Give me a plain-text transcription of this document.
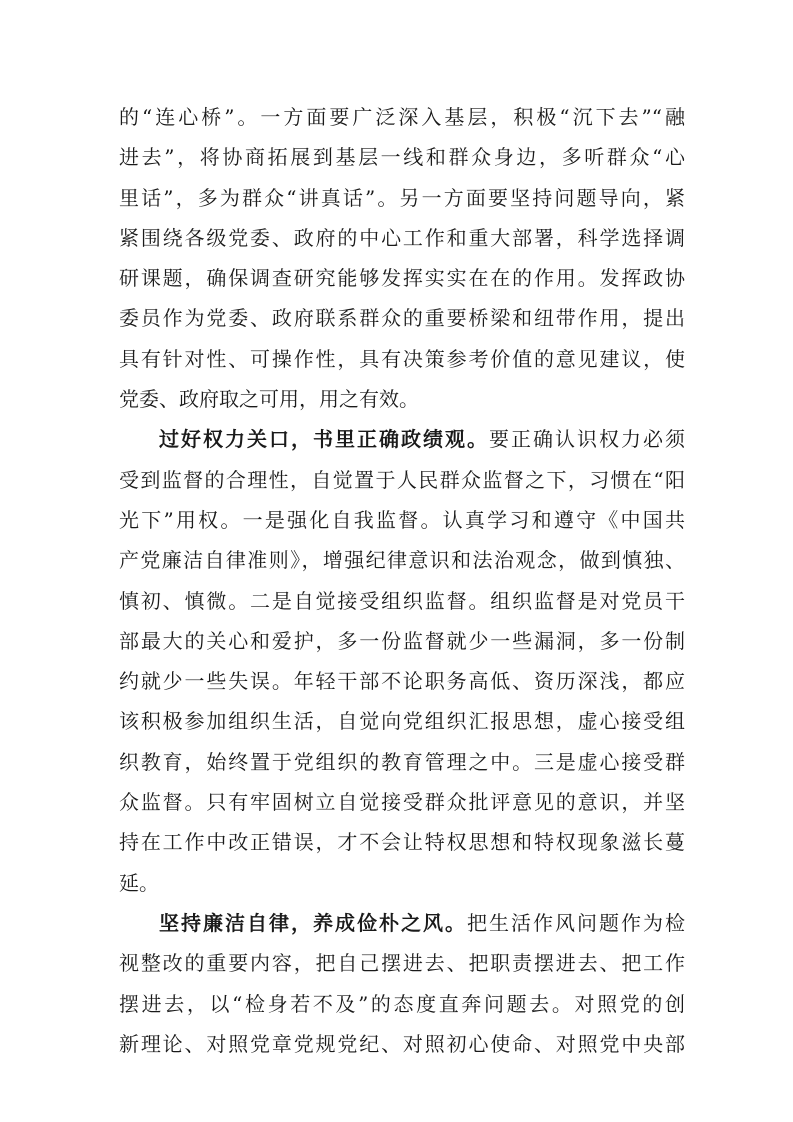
的“连心桥”。一方面要广泛深入基层，积极“沉下去”“融
进去”，将协商拓展到基层一线和群众身边，多听群众“心
里话”，多为群众“讲真话”。另一方面要坚持问题导向，紧
紧围绕各级党委、政府的中心工作和重大部署，科学选择调
研课题，确保调查研究能够发挥实实在在的作用。发挥政协
委员作为党委、政府联系群众的重要桥梁和纽带作用，提出
具有针对性、可操作性，具有决策参考价值的意见建议，使
党委、政府取之可用，用之有效。
过好权力关口，书里正确政绩观。要正确认识权力必须
受到监督的合理性，自觉置于人民群众监督之下，习惯在“阳
光下”用权。一是强化自我监督。认真学习和遵守《中国共
产党廉洁自律准则》，增强纪律意识和法治观念，做到慎独、
慎初、慎微。二是自觉接受组织监督。组织监督是对党员干
部最大的关心和爱护，多一份监督就少一些漏洞，多一份制
约就少一些失误。年轻干部不论职务高低、资历深浅，都应
该积极参加组织生活，自觉向党组织汇报思想，虚心接受组
织教育，始终置于党组织的教育管理之中。三是虚心接受群
众监督。只有牢固树立自觉接受群众批评意见的意识，并坚
持在工作中改正错误，才不会让特权思想和特权现象滋长蔓
延。
坚持廉洁自律，养成俭朴之风。把生活作风问题作为检
视整改的重要内容，把自己摆进去、把职责摆进去、把工作
摆进去，以“检身若不及”的态度直奔问题去。对照党的创
新理论、对照党章党规党纪、对照初心使命、对照党中央部
